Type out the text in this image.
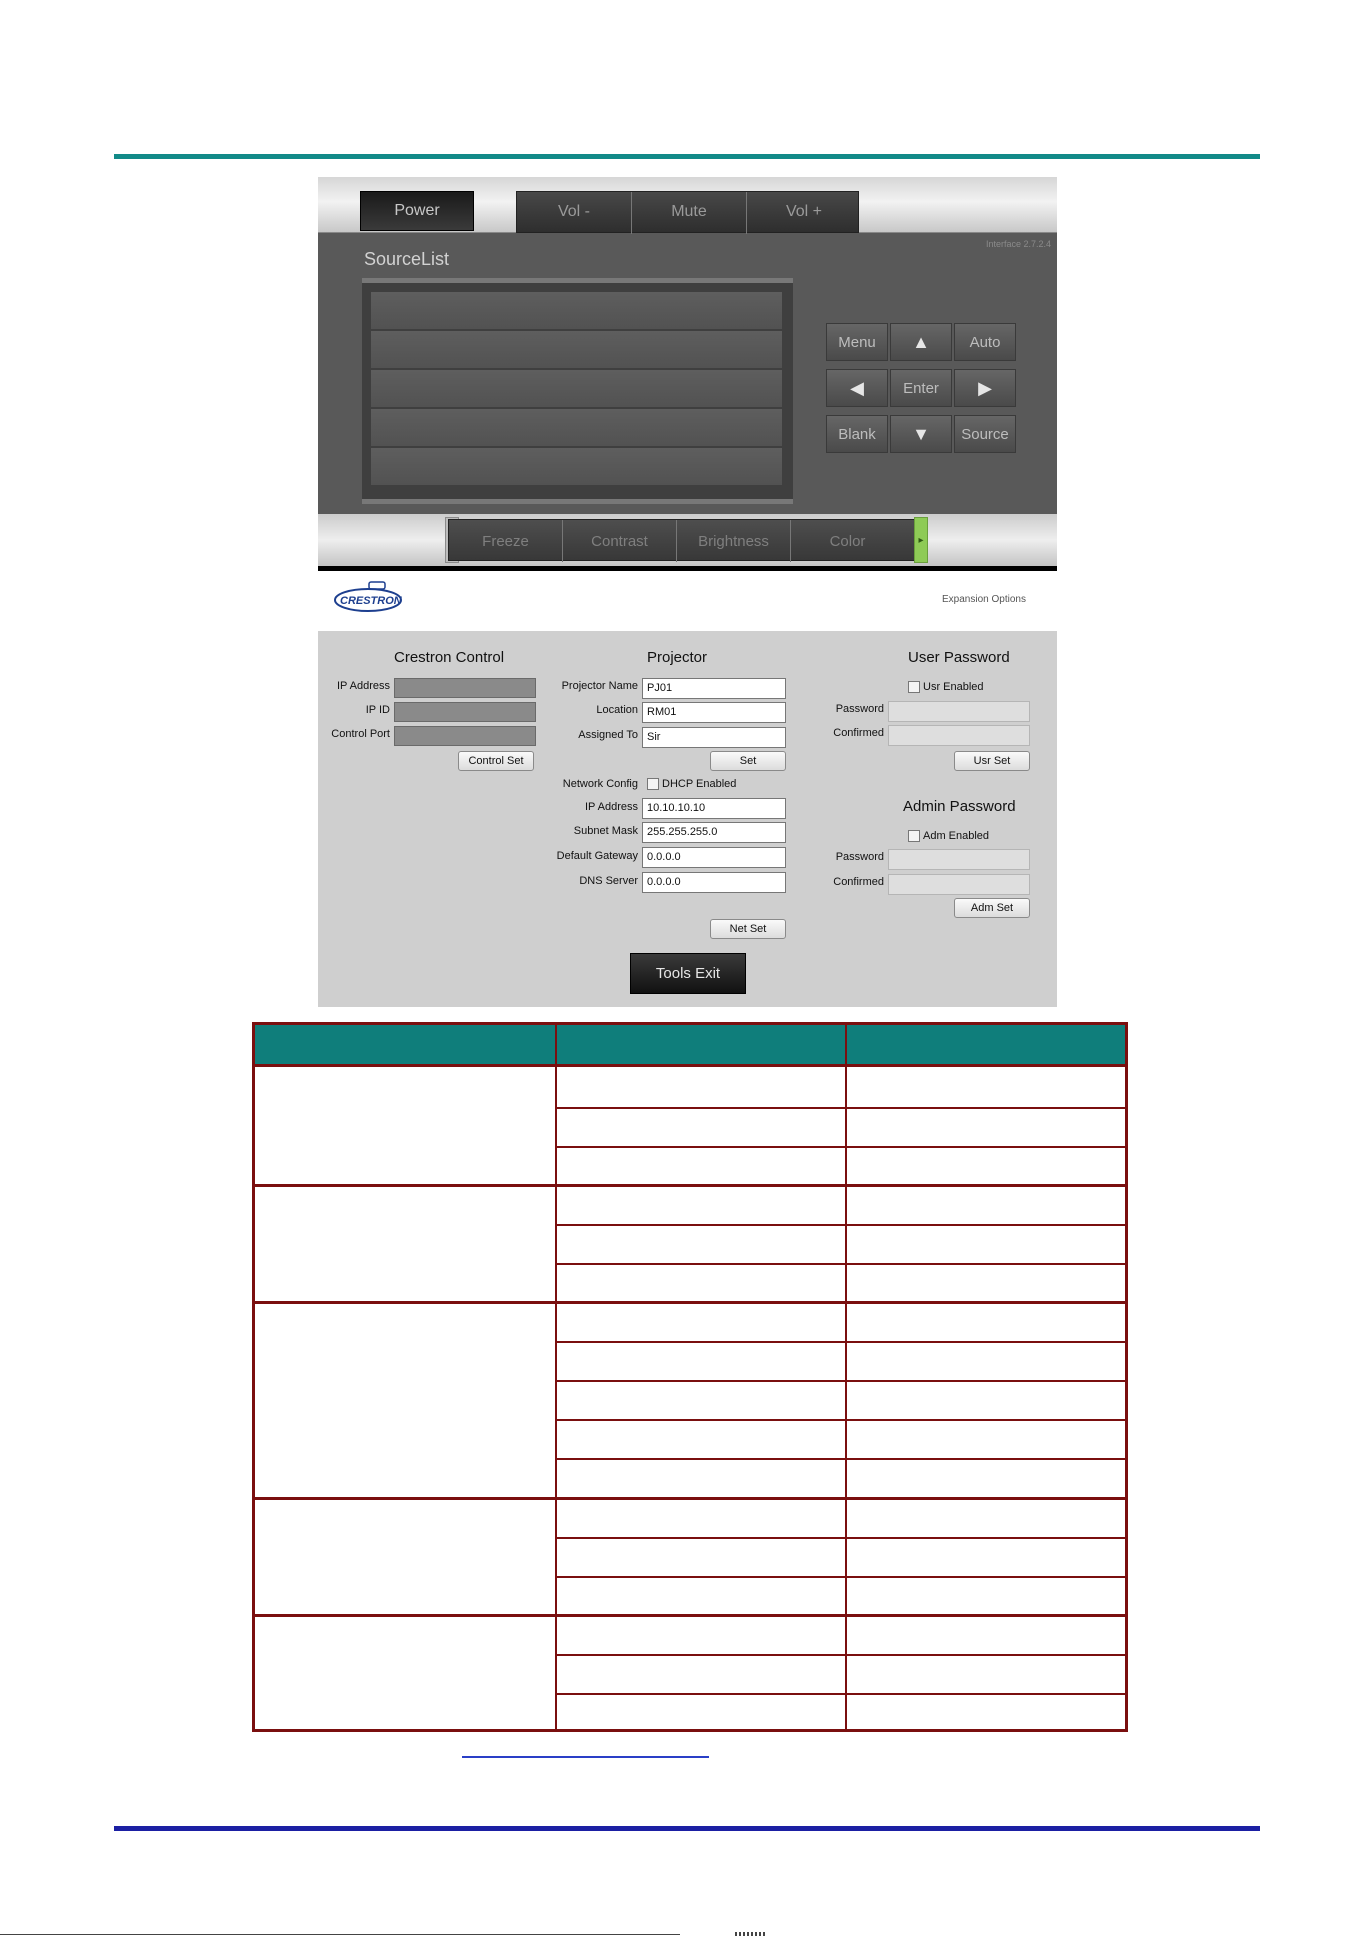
Power	Vol -	Mute	Vol +
Interface 2.7.2.4
SourceList
Menu	▲	Auto
◀	Enter	▶
Blank	▼	Source
Freeze	Contrast	Brightness	Color	▸
CRESTRON	Expansion Options
Crestron Control
IP Address
IP ID
Control Port
Control Set
Projector
Projector Name PJ01
Location RM01
Assigned To Sir
Set
Network Config DHCP Enabled
IP Address 10.10.10.10
Subnet Mask 255.255.255.0
Default Gateway 0.0.0.0
DNS Server 0.0.0.0
Net Set
User Password
Usr Enabled
Password
Confirmed
Usr Set
Admin Password
Adm Enabled
Password
Confirmed
Adm Set
Tools Exit
